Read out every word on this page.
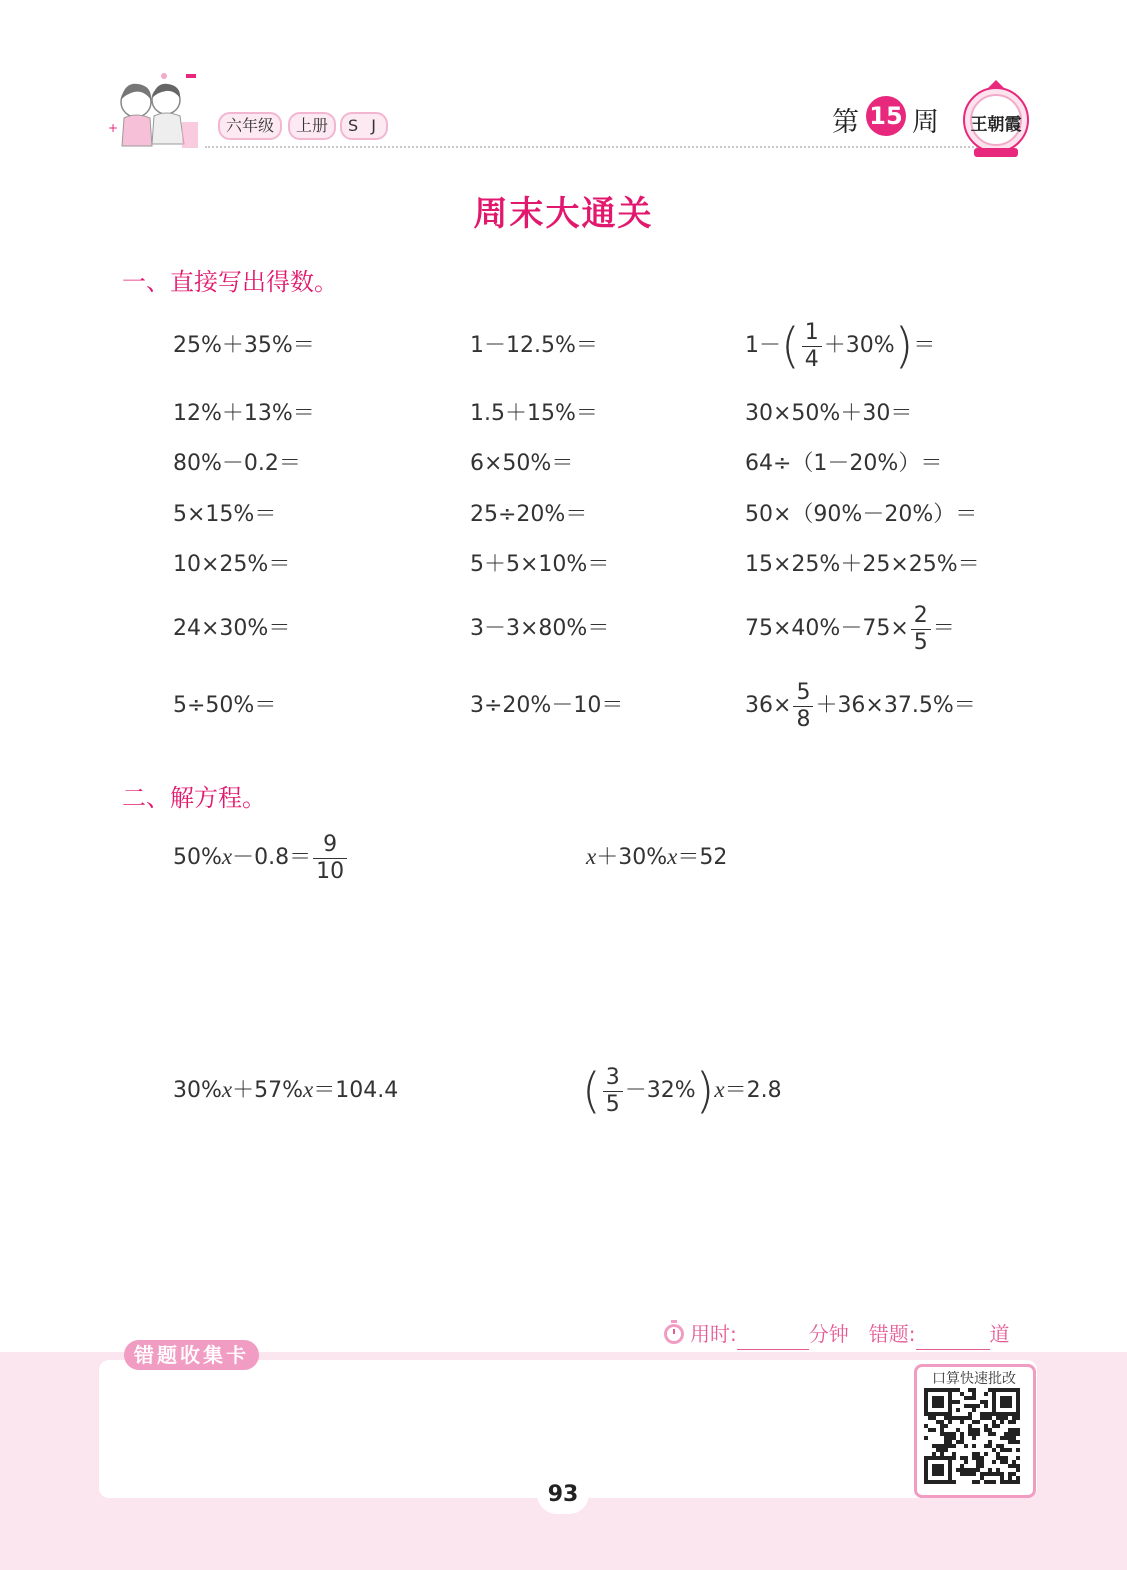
+	六年级	上册	S J	第 15 周	王朝霞
周末大通关
一、直接写出得数。
25%＋35%＝	1－12.5%＝	$1-( \frac{1}{4} +30\%)=$
12%＋13%＝	1.5＋15%＝	30×50%＋30＝
80%－0.2＝	6×50%＝	64÷（1－20%）＝
5×15%＝	25÷20%＝	50×（90%－20%）＝
10×25%＝	5＋5×10%＝	15×25%＋25×25%＝
24×30%＝	3－3×80%＝	$75\times 40\%-75\times \frac{2}{5}$ ＝
5÷50%＝	3÷20%－10＝	$36\times \frac{5}{8} +36\times 37.5\%=$
二、解方程。
$50\%x-0.8= \frac{9}{10}$	x＋30%x＝52
30%x＋57%x＝104.4	( $\frac{3}{5} -32\%)x=2.8$
用时:	分钟 错题:	道
错题收集卡
口算快速批改
93
